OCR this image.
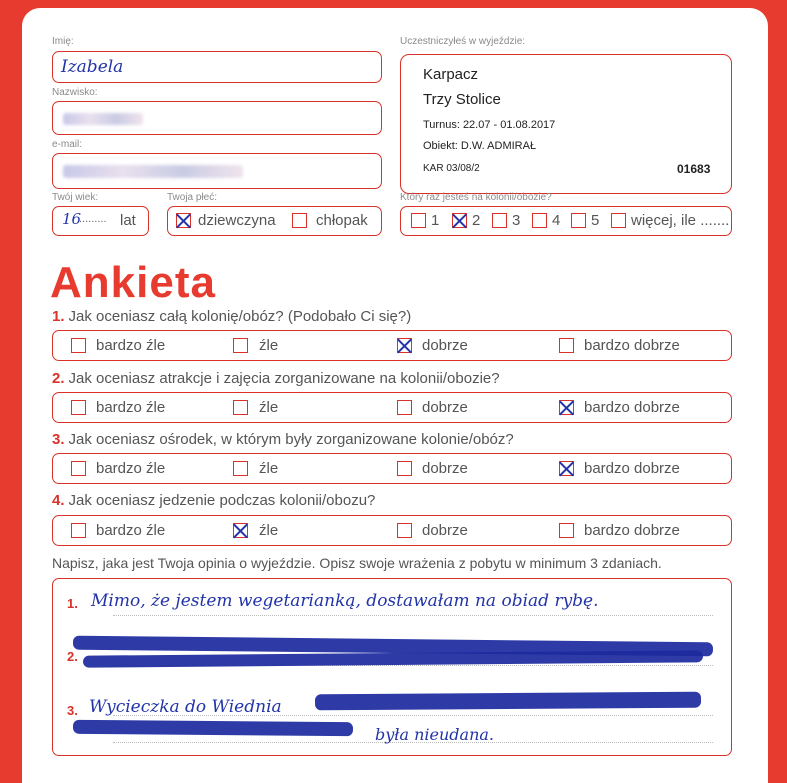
Imię:
Izabela
Nazwisko:
e-mail:
Twój wiek:
16
......... lat
Twoja płeć:
dziewczyna	chłopak
Uczestniczyłeś w wyjeździe:
Karpacz
Trzy Stolice
Turnus: 22.07 - 01.08.2017
Obiekt: D.W. ADMIRAŁ
KAR 03/08/2	01683
Który raz jesteś na kolonii/obozie?
1 2 3 4 5 więcej, ile .......
Ankieta
1. Jak oceniasz całą kolonię/obóz? (Podobało Ci się?)
bardzo źle	źle	dobrze	bardzo dobrze
2. Jak oceniasz atrakcje i zajęcia zorganizowane na kolonii/obozie?
bardzo źle	źle	dobrze	bardzo dobrze
3. Jak oceniasz ośrodek, w którym były zorganizowane kolonie/obóz?
bardzo źle	źle	dobrze	bardzo dobrze
4. Jak oceniasz jedzenie podczas kolonii/obozu?
bardzo źle	źle	dobrze	bardzo dobrze
Napisz, jaka jest Twoja opinia o wyjeździe. Opisz swoje wrażenia z pobytu w minimum 3 zdaniach.
1. Mimo, że jestem wegetarianką, dostawałam na obiad rybę.
2.
3. Wycieczka do Wiednia
była nieudana.
